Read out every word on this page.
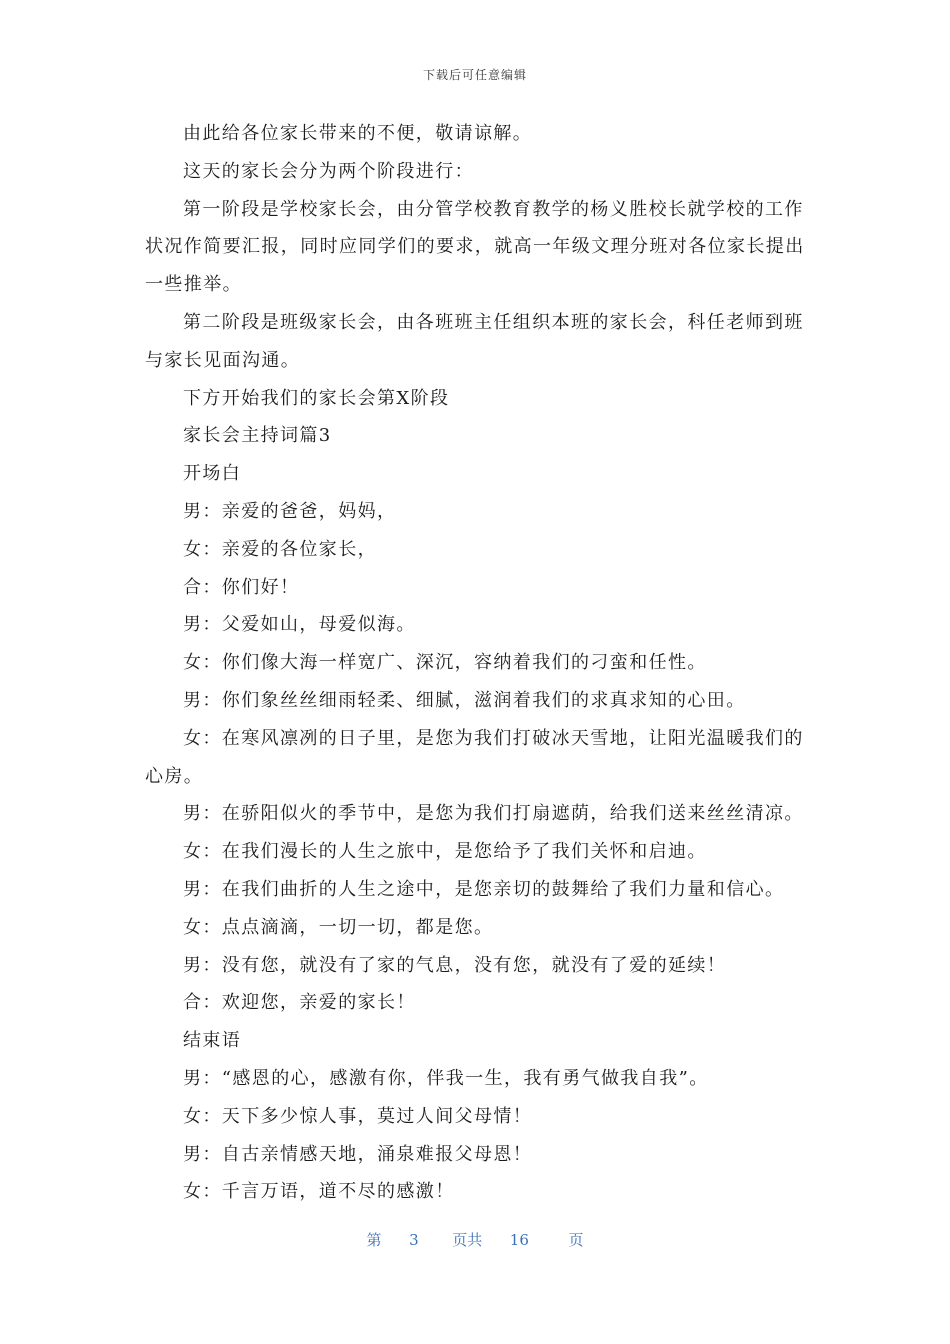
下载后可任意编辑

由此给各位家长带来的不便，敬请谅解。

这天的家长会分为两个阶段进行：

第一阶段是学校家长会，由分管学校教育教学的杨义胜校长就学校的工作状况作简要汇报，同时应同学们的要求，就高一年级文理分班对各位家长提出一些推举。

第二阶段是班级家长会，由各班班主任组织本班的家长会，科任老师到班与家长见面沟通。

下方开始我们的家长会第X阶段

家长会主持词篇3

开场白

男：亲爱的爸爸，妈妈，

女：亲爱的各位家长，

合：你们好！

男：父爱如山，母爱似海。

女：你们像大海一样宽广、深沉，容纳着我们的刁蛮和任性。

男：你们象丝丝细雨轻柔、细腻，滋润着我们的求真求知的心田。

女：在寒风凛冽的日子里，是您为我们打破冰天雪地，让阳光温暖我们的心房。

男：在骄阳似火的季节中，是您为我们打扇遮荫，给我们送来丝丝清凉。

女：在我们漫长的人生之旅中，是您给予了我们关怀和启迪。

男：在我们曲折的人生之途中，是您亲切的鼓舞给了我们力量和信心。

女：点点滴滴，一切一切，都是您。

男：没有您，就没有了家的气息，没有您，就没有了爱的延续！

合：欢迎您，亲爱的家长！

结束语

男：“感恩的心，感激有你，伴我一生，我有勇气做我自我”。

女：天下多少惊人事，莫过人间父母情！

男：自古亲情感天地，涌泉难报父母恩！

女：千言万语，道不尽的感激！

第 3 页共 16	页
